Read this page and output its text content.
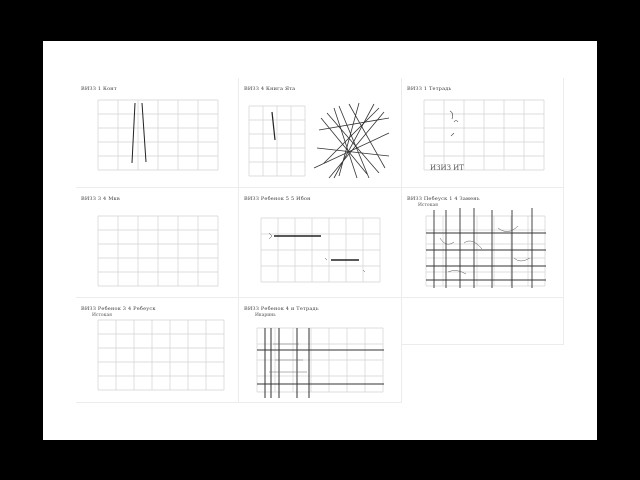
ВИЗЗ 1 Конт	ВИЗЗ 4 Книга Ята	ВИЗЗ 1 Тетрадь
ИЗИЗ ИТ
ВИЗЗ 3 4 Мкв	ВИЗЗ Ребенок 5 5 Ибон	ВИЗЗ Пебеуск 1 4 Замень
Истокая
ВИЗЗ Ребенок 3 4 Ребеуск
Истокая
ВИЗЗ Ребенок 4 и Тетрадь
Икаринь
